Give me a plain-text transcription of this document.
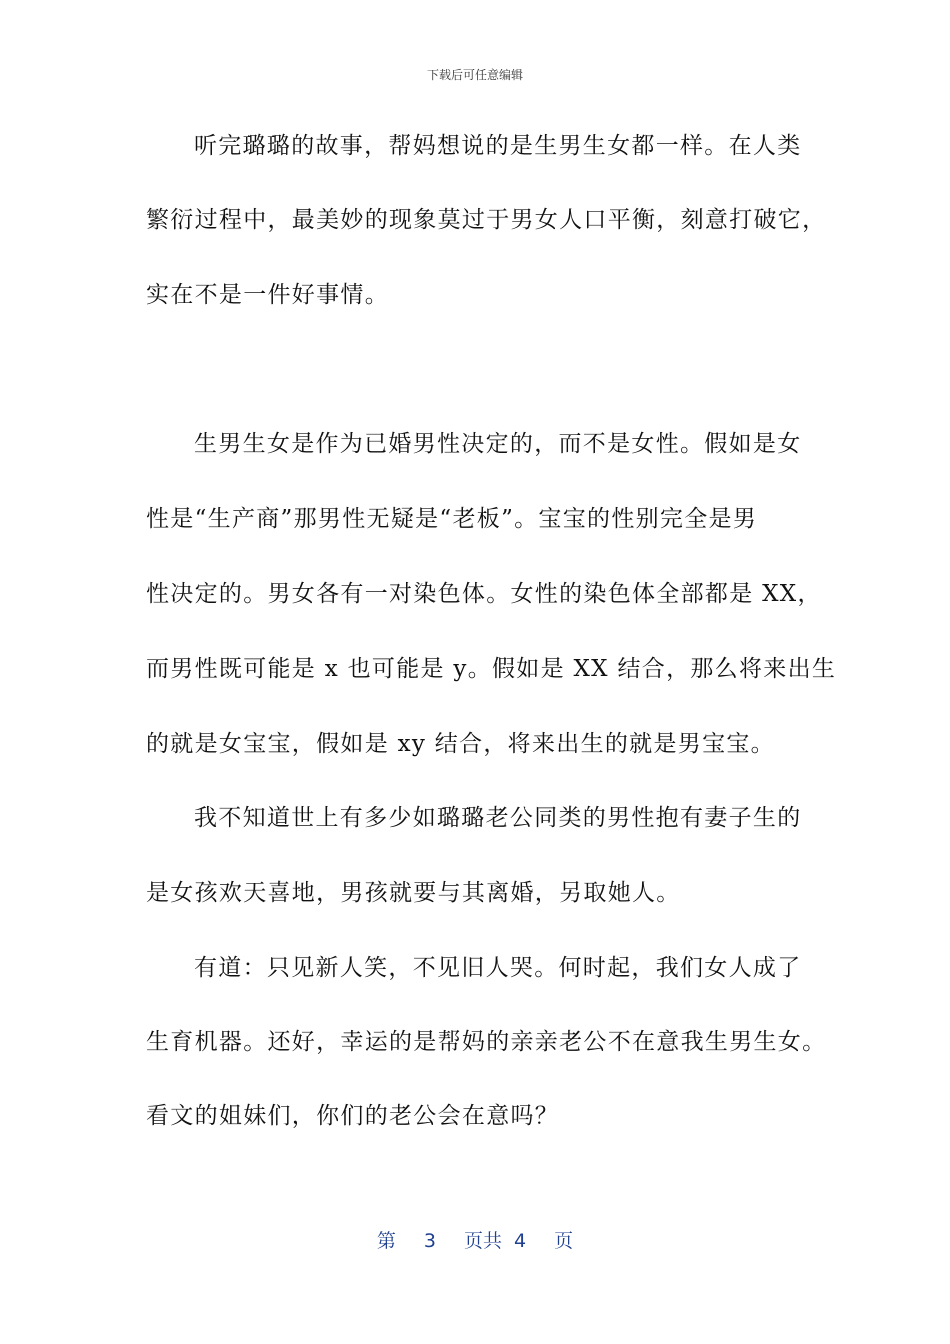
下载后可任意编辑
听完璐璐的故事，帮妈想说的是生男生女都一样。在人类
繁衍过程中，最美妙的现象莫过于男女人口平衡，刻意打破它，
实在不是一件好事情。
生男生女是作为已婚男性决定的，而不是女性。假如是女
性是“生产商”那男性无疑是“老板”。宝宝的性别完全是男
性决定的。男女各有一对染色体。女性的染色体全部都是 XX，
而男性既可能是 x 也可能是 y。假如是 XX 结合，那么将来出生
的就是女宝宝，假如是 xy 结合，将来出生的就是男宝宝。
我不知道世上有多少如璐璐老公同类的男性抱有妻子生的
是女孩欢天喜地，男孩就要与其离婚，另取她人。
有道：只见新人笑，不见旧人哭。何时起，我们女人成了
生育机器。还好，幸运的是帮妈的亲亲老公不在意我生男生女。
看文的姐妹们，你们的老公会在意吗？
第 3 页共 4 页
